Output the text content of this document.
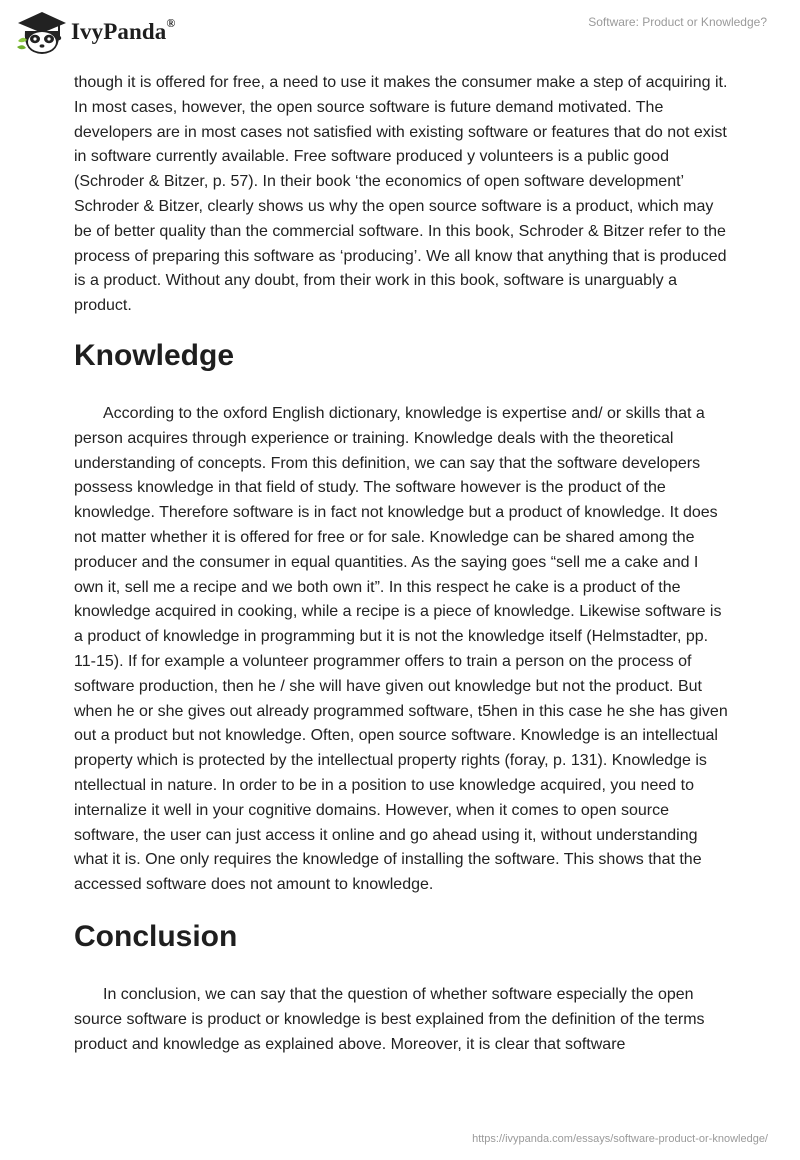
IvyPanda®	Software: Product or Knowledge?

though it is offered for free, a need to use it makes the consumer make a step of acquiring it. In most cases, however, the open source software is future demand motivated. The developers are in most cases not satisfied with existing software or features that do not exist in software currently available. Free software produced y volunteers is a public good (Schroder & Bitzer, p. 57). In their book ‘the economics of open software development’ Schroder & Bitzer, clearly shows us why the open source software is a product, which may be of better quality than the commercial software. In this book, Schroder & Bitzer refer to the process of preparing this software as ‘producing’. We all know that anything that is produced is a product. Without any doubt, from their work in this book, software is unarguably a product.

Knowledge

According to the oxford English dictionary, knowledge is expertise and/ or skills that a person acquires through experience or training. Knowledge deals with the theoretical understanding of concepts. From this definition, we can say that the software developers possess knowledge in that field of study. The software however is the product of the knowledge. Therefore software is in fact not knowledge but a product of knowledge. It does not matter whether it is offered for free or for sale. Knowledge can be shared among the producer and the consumer in equal quantities. As the saying goes “sell me a cake and I own it, sell me a recipe and we both own it”. In this respect he cake is a product of the knowledge acquired in cooking, while a recipe is a piece of knowledge. Likewise software is a product of knowledge in programming but it is not the knowledge itself (Helmstadter, pp. 11-15). If for example a volunteer programmer offers to train a person on the process of software production, then he / she will have given out knowledge but not the product. But when he or she gives out already programmed software, t5hen in this case he she has given out a product but not knowledge. Often, open source software. Knowledge is an intellectual property which is protected by the intellectual property rights (foray, p. 131). Knowledge is ntellectual in nature. In order to be in a position to use knowledge acquired, you need to internalize it well in your cognitive domains. However, when it comes to open source software, the user can just access it online and go ahead using it, without understanding what it is. One only requires the knowledge of installing the software. This shows that the accessed software does not amount to knowledge.

Conclusion

In conclusion, we can say that the question of whether software especially the open source software is product or knowledge is best explained from the definition of the terms product and knowledge as explained above. Moreover, it is clear that software

https://ivypanda.com/essays/software-product-or-knowledge/
